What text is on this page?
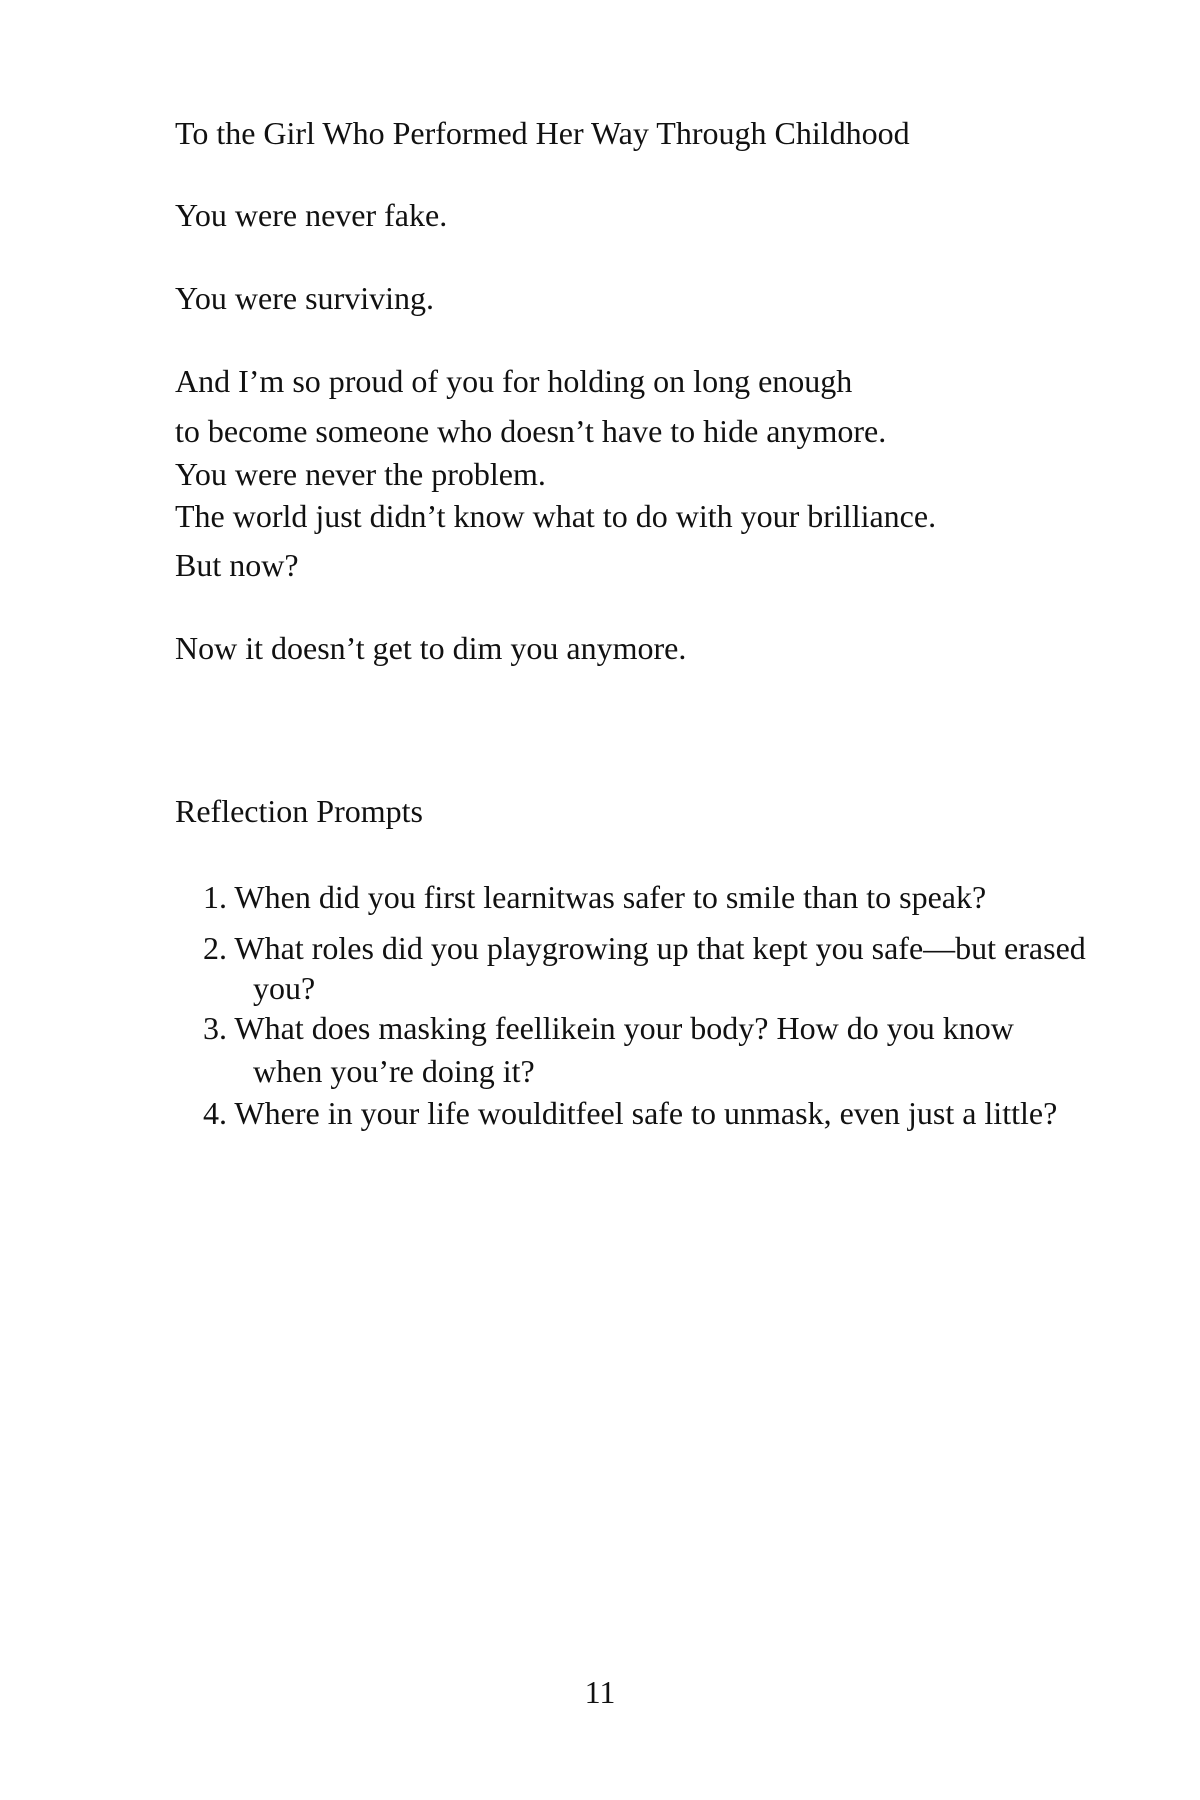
To the Girl Who Performed Her Way Through Childhood

You were never fake.

You were surviving.

And I’m so proud of you for holding on long enough

to become someone who doesn’t have to hide anymore.

You were never the problem.

The world just didn’t know what to do with your brilliance.

But now?

Now it doesn’t get to dim you anymore.

Reflection Prompts
1. When did you first learnitwas safer to smile than to speak?
2. What roles did you playgrowing up that kept you safe—but erased
you?
3. What does masking feellikein your body? How do you know
when you’re doing it?
4. Where in your life woulditfeel safe to unmask, even just a little?
11
